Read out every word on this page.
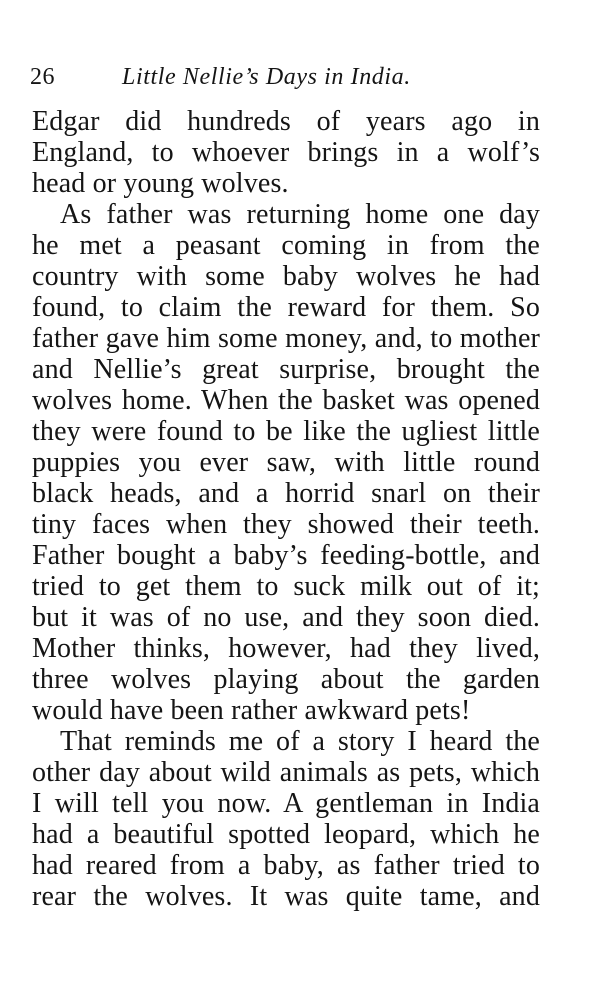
26	Little Nellie’s Days in India.
Edgar did hundreds of years ago in
England, to whoever brings in a wolf’s
head or young wolves.
As father was returning home one day
he met a peasant coming in from the
country with some baby wolves he had
found, to claim the reward for them. So
father gave him some money, and, to mother
and Nellie’s great surprise, brought the
wolves home. When the basket was opened
they were found to be like the ugliest little
puppies you ever saw, with little round
black heads, and a horrid snarl on their
tiny faces when they showed their teeth.
Father bought a baby’s feeding-bottle, and
tried to get them to suck milk out of it;
but it was of no use, and they soon died.
Mother thinks, however, had they lived,
three wolves playing about the garden
would have been rather awkward pets!
That reminds me of a story I heard the
other day about wild animals as pets, which
I will tell you now. A gentleman in India
had a beautiful spotted leopard, which he
had reared from a baby, as father tried to
rear the wolves. It was quite tame, and
